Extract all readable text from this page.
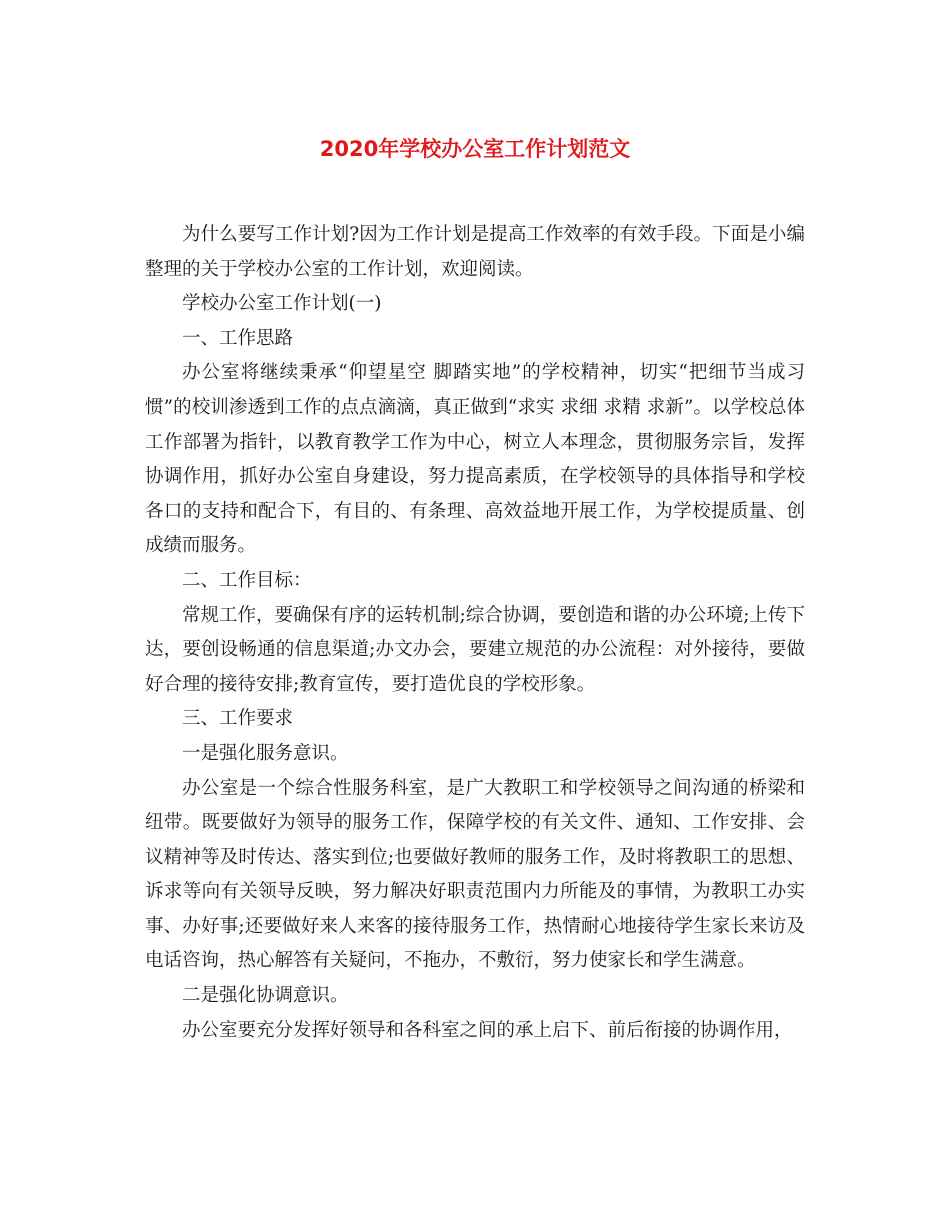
2020年学校办公室工作计划范文

为什么要写工作计划?因为工作计划是提高工作效率的有效手段。下面是小编整理的关于学校办公室的工作计划，欢迎阅读。

学校办公室工作计划(一)

一、工作思路

办公室将继续秉承“仰望星空 脚踏实地”的学校精神，切实“把细节当成习惯”的校训渗透到工作的点点滴滴，真正做到“求实 求细 求精 求新”。以学校总体工作部署为指针，以教育教学工作为中心，树立人本理念，贯彻服务宗旨，发挥协调作用，抓好办公室自身建设，努力提高素质，在学校领导的具体指导和学校各口的支持和配合下，有目的、有条理、高效益地开展工作，为学校提质量、创成绩而服务。

二、工作目标：

常规工作，要确保有序的运转机制;综合协调，要创造和谐的办公环境;上传下达，要创设畅通的信息渠道;办文办会，要建立规范的办公流程：对外接待，要做好合理的接待安排;教育宣传，要打造优良的学校形象。

三、工作要求

一是强化服务意识。

办公室是一个综合性服务科室，是广大教职工和学校领导之间沟通的桥梁和纽带。既要做好为领导的服务工作，保障学校的有关文件、通知、工作安排、会议精神等及时传达、落实到位;也要做好教师的服务工作，及时将教职工的思想、诉求等向有关领导反映，努力解决好职责范围内力所能及的事情，为教职工办实事、办好事;还要做好来人来客的接待服务工作，热情耐心地接待学生家长来访及电话咨询，热心解答有关疑问，不拖办，不敷衍，努力使家长和学生满意。

二是强化协调意识。

办公室要充分发挥好领导和各科室之间的承上启下、前后衔接的协调作用，
